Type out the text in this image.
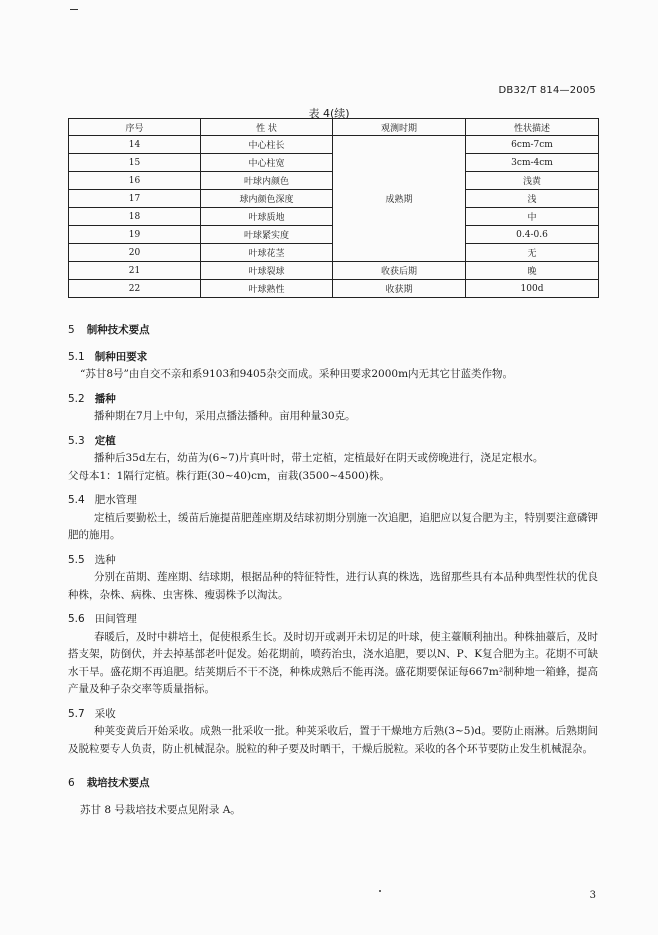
DB32/T 814—2005
表 4(续)
序号	性 状	观测时期	性状描述
14	中心柱长	成熟期	6cm-7cm
15	中心柱宽		3cm-4cm
16	叶球内颜色		浅黄
17	球内颜色深度		浅
18	叶球质地		中
19	叶球紧实度		0.4-0.6
20	叶球花茎		无
21	叶球裂球	收获后期	晚
22	叶球熟性	收获期	100d
5 制种技术要点
5.1 制种田要求

“苏甘8号”由自交不亲和系9103和9405杂交而成。采种田要求2000m内无其它甘蓝类作物。

5.2 播种

播种期在7月上中旬，采用点播法播种。亩用种量30克。

5.3 定植

播种后35d左右，幼苗为(6~7)片真叶时，带土定植，定植最好在阴天或傍晚进行，浇足定根水。

父母本1：1隔行定植。株行距(30~40)cm，亩栽(3500~4500)株。

5.4 肥水管理

定植后要勤松土，缓苗后施提苗肥莲座期及结球初期分别施一次追肥，追肥应以复合肥为主，特别要注意磷钾肥的施用。

5.5 选种

分别在苗期、莲座期、结球期，根据品种的特征特性，进行认真的株选，选留那些具有本品种典型性状的优良种株，杂株、病株、虫害株、瘦弱株予以淘汰。

5.6 田间管理

春暖后，及时中耕培土，促使根系生长。及时切开或剥开未切足的叶球，使主薹顺利抽出。种株抽薹后，及时搭支架，防倒伏，并去掉基部老叶促发。始花期前，喷药治虫，浇水追肥，要以N、P、K复合肥为主。花期不可缺水干旱。盛花期不再追肥。结荚期后不干不浇，种株成熟后不能再浇。盛花期要保证每667m²制种地一箱蜂，提高产量及种子杂交率等质量指标。

5.7 采收

种荚变黄后开始采收。成熟一批采收一批。种荚采收后，置于干燥地方后熟(3~5)d。要防止雨淋。后熟期间及脱粒要专人负责，防止机械混杂。脱粒的种子要及时晒干，干燥后脱粒。采收的各个环节要防止发生机械混杂。

6 栽培技术要点

苏甘 8 号栽培技术要点见附录 A。

3
